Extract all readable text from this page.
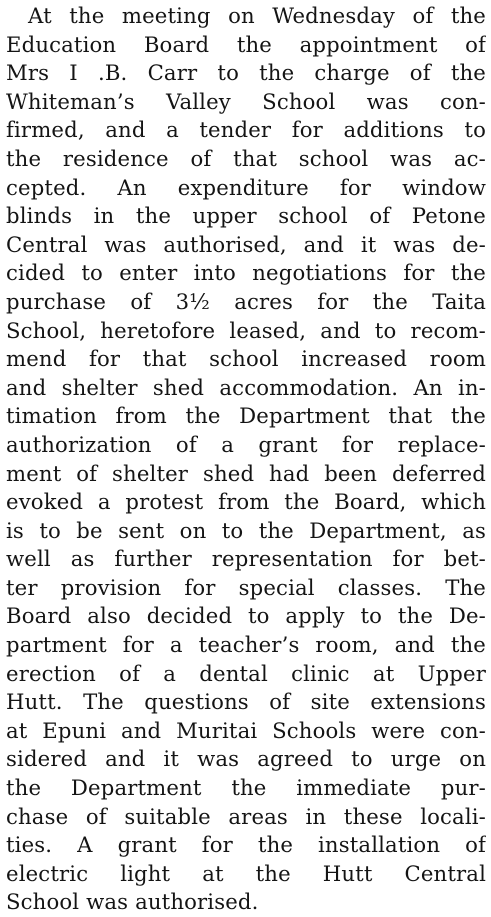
At the meeting on Wednesday of the
Education Board the appointment of
Mrs I .B. Carr to the charge of the
Whiteman’s Valley School was con-
firmed, and a tender for additions to
the residence of that school was ac-
cepted. An expenditure for window
blinds in the upper school of Petone
Central was authorised, and it was de-
cided to enter into negotiations for the
purchase of 3½ acres for the Taita
School, heretofore leased, and to recom-
mend for that school increased room
and shelter shed accommodation. An in-
timation from the Department that the
authorization of a grant for replace-
ment of shelter shed had been deferred
evoked a protest from the Board, which
is to be sent on to the Department, as
well as further representation for bet-
ter provision for special classes. The
Board also decided to apply to the De-
partment for a teacher’s room, and the
erection of a dental clinic at Upper
Hutt. The questions of site extensions
at Epuni and Muritai Schools were con-
sidered and it was agreed to urge on
the Department the immediate pur-
chase of suitable areas in these locali-
ties. A grant for the installation of
electric light at the Hutt Central
School was authorised.
